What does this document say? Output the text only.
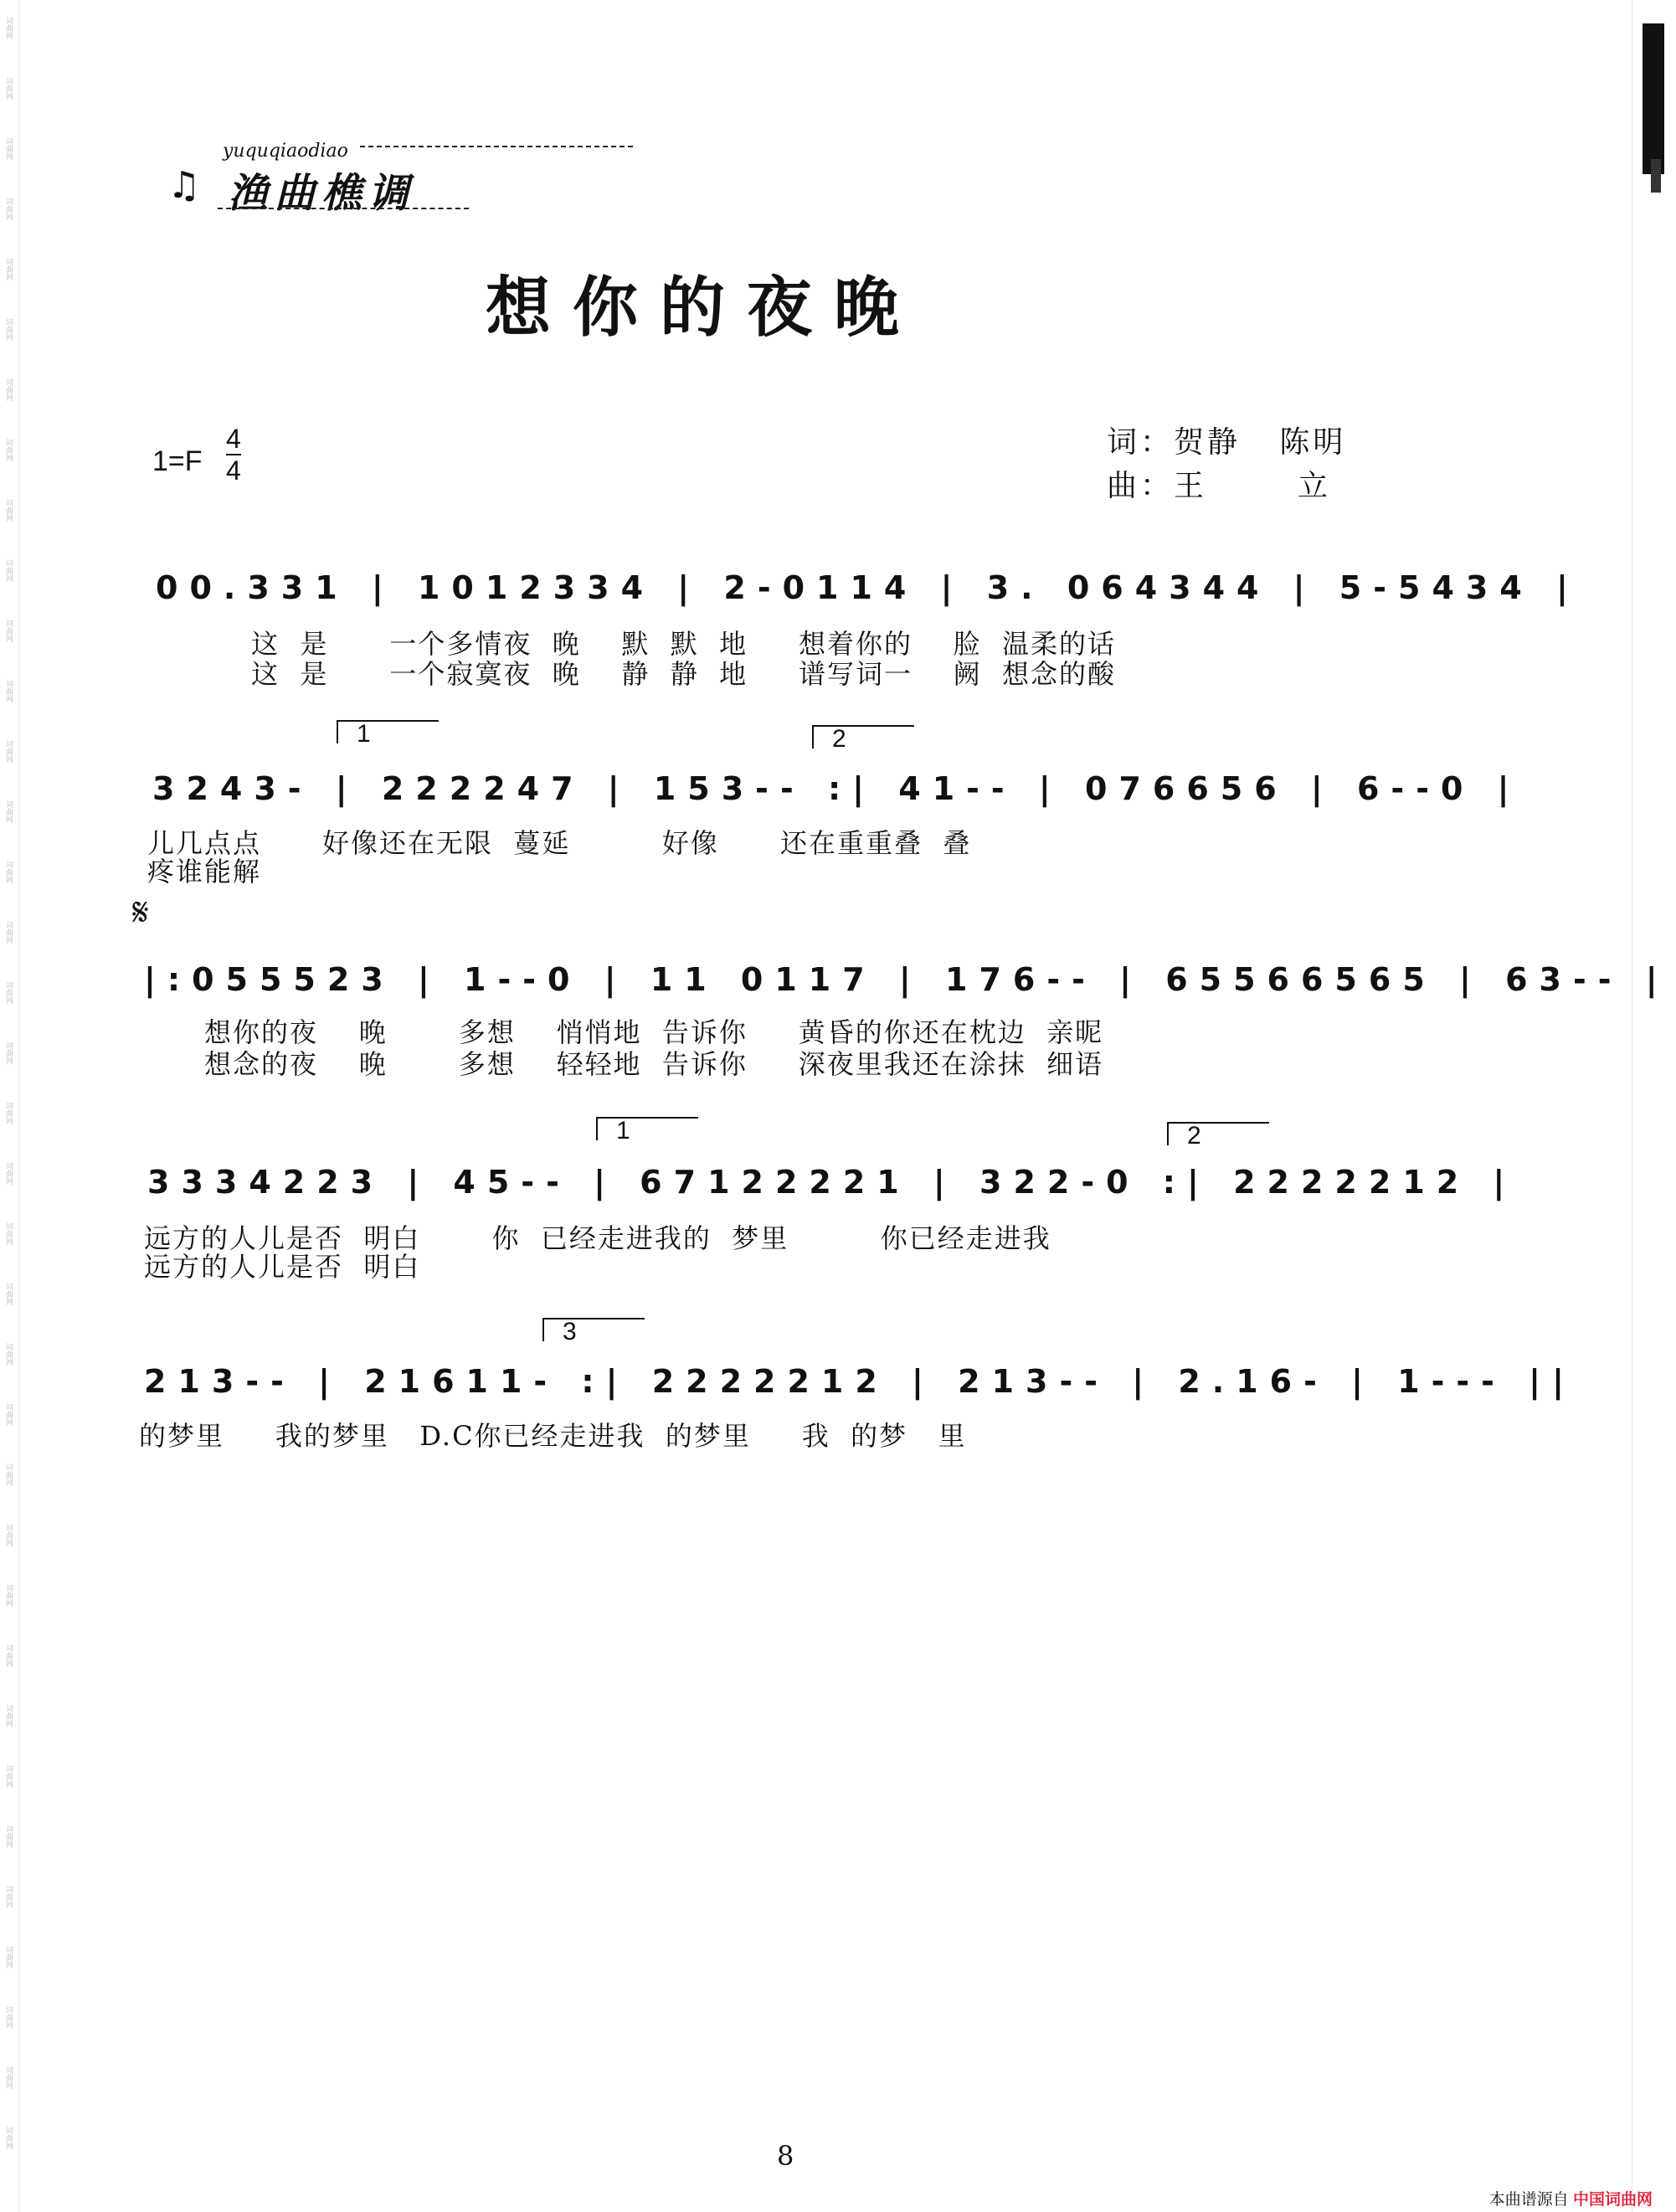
词曲网
词曲网
词曲网
词曲网
词曲网
词曲网
词曲网
词曲网
词曲网
词曲网
词曲网
词曲网
词曲网
词曲网
词曲网
词曲网
词曲网
词曲网
词曲网
词曲网
词曲网
词曲网
词曲网
词曲网
词曲网
词曲网
词曲网
词曲网
词曲网
词曲网
词曲网
词曲网
词曲网
词曲网
词曲网
词曲网
♫
yuquqiaodiao
渔曲樵调
想你的夜晚
1=F
4
4
词：贺静   陈明
曲：王       立
00.331 | 1012334 | 2-0114 | 3. 064344 | 5-5434 |
这  是      一个多情夜  晚    默  默  地     想着你的    脸  温柔的话
这  是      一个寂寞夜  晚    静  静  地     谱写词一    阙  想念的酸
1	2
3243- | 222247 | 153-- :| 41-- | 076656 | 6--0 |
儿几点点      好像还在无限  蔓延         好像      还在重重叠  叠
疼谁能解
𝄋
|:055523 | 1--0 | 11 0117 | 176-- | 65566565 | 63-- |
想你的夜    晚       多想    悄悄地  告诉你     黄昏的你还在枕边  亲昵
想念的夜    晚       多想    轻轻地  告诉你     深夜里我还在涂抹  细语
1	2
3334223 | 45-- | 67122221 | 322-0 :| 2222212 |
远方的人儿是否  明白       你  已经走进我的  梦里         你已经走进我
远方的人儿是否  明白
3
213-- | 21611- :| 2222212 | 213-- | 2.16- | 1--- ||
的梦里     我的梦里   D.C你已经走进我  的梦里     我  的梦   里
8
本曲谱源自 中国词曲网
